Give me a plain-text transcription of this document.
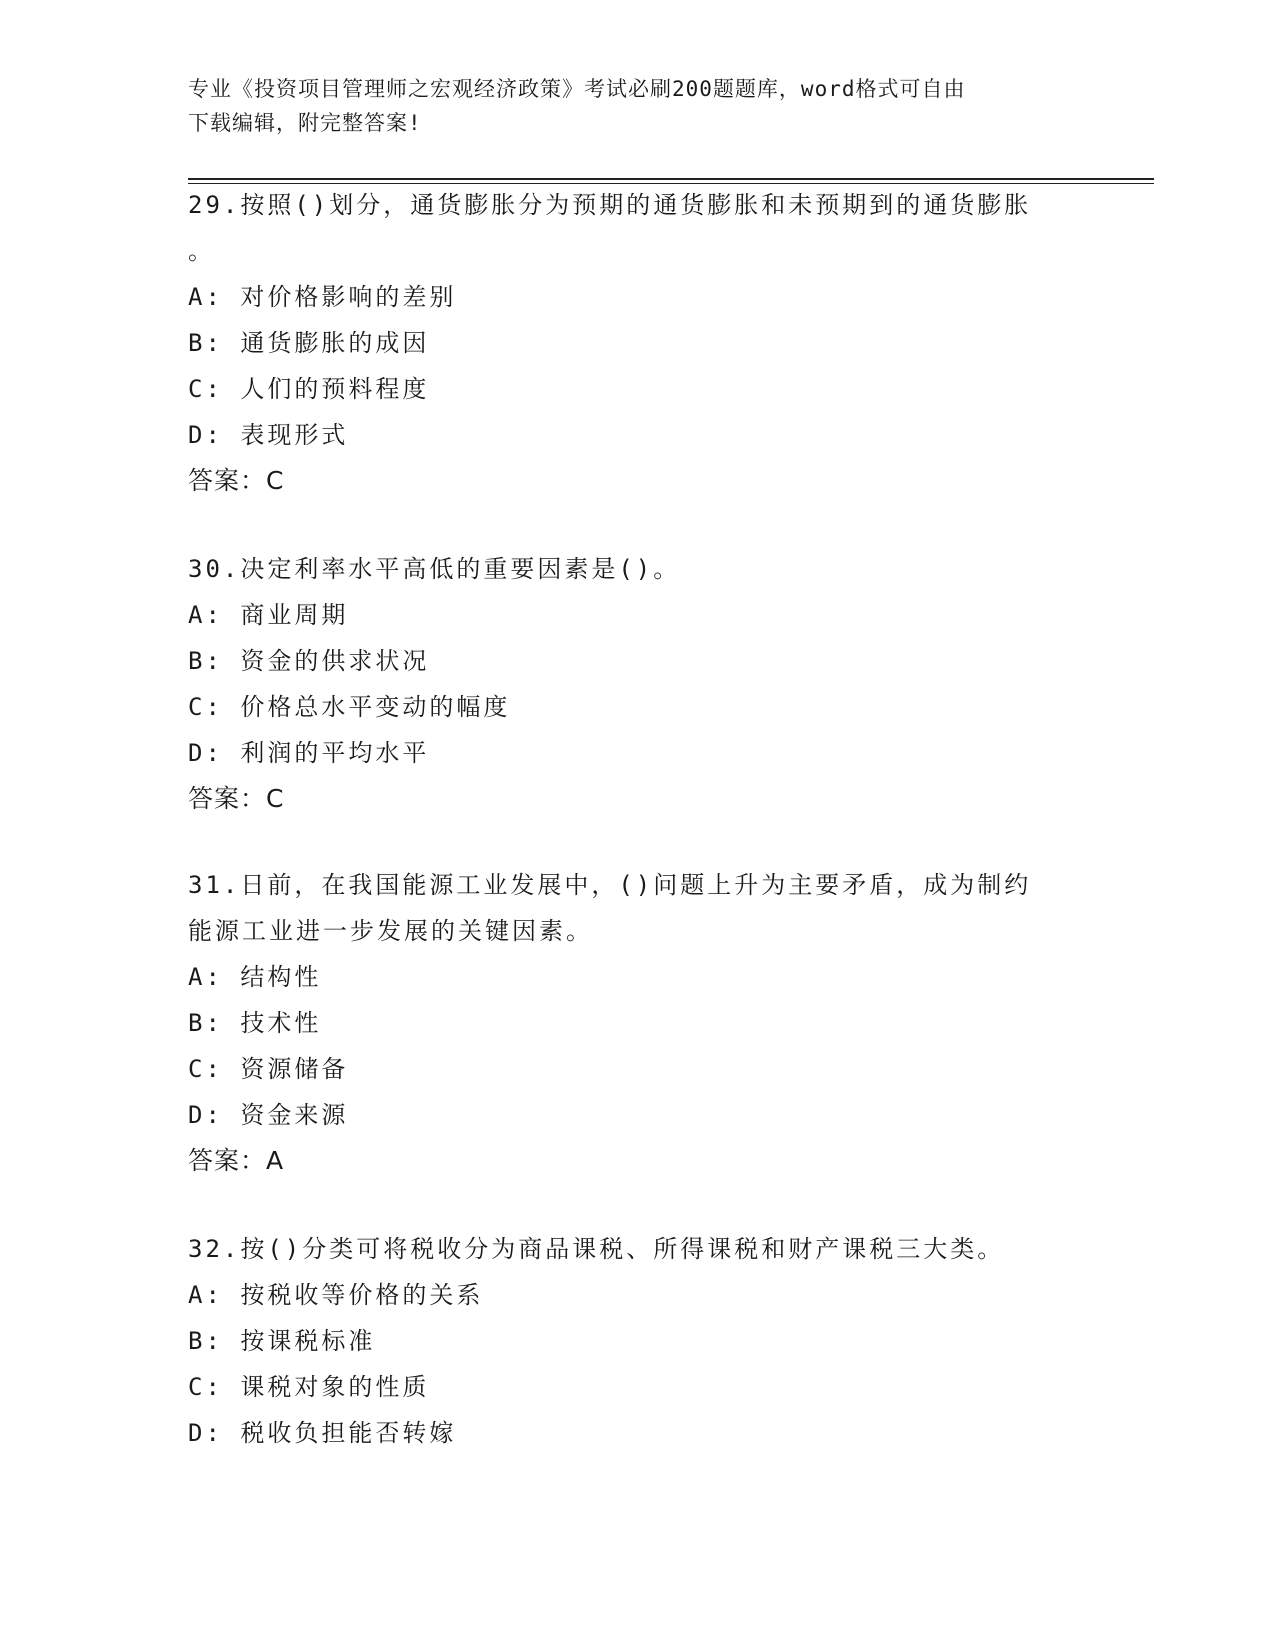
专业《投资项目管理师之宏观经济政策》考试必刷200题题库，word格式可自由
下载编辑，附完整答案!
29.按照()划分，通货膨胀分为预期的通货膨胀和未预期到的通货膨胀
。
A: 对价格影响的差别
B: 通货膨胀的成因
C: 人们的预料程度
D: 表现形式
答案：C
30.决定利率水平高低的重要因素是()。
A: 商业周期
B: 资金的供求状况
C: 价格总水平变动的幅度
D: 利润的平均水平
答案：C
31.日前，在我国能源工业发展中，()问题上升为主要矛盾，成为制约
能源工业进一步发展的关键因素。
A: 结构性
B: 技术性
C: 资源储备
D: 资金来源
答案：A
32.按()分类可将税收分为商品课税、所得课税和财产课税三大类。
A: 按税收等价格的关系
B: 按课税标准
C: 课税对象的性质
D: 税收负担能否转嫁
